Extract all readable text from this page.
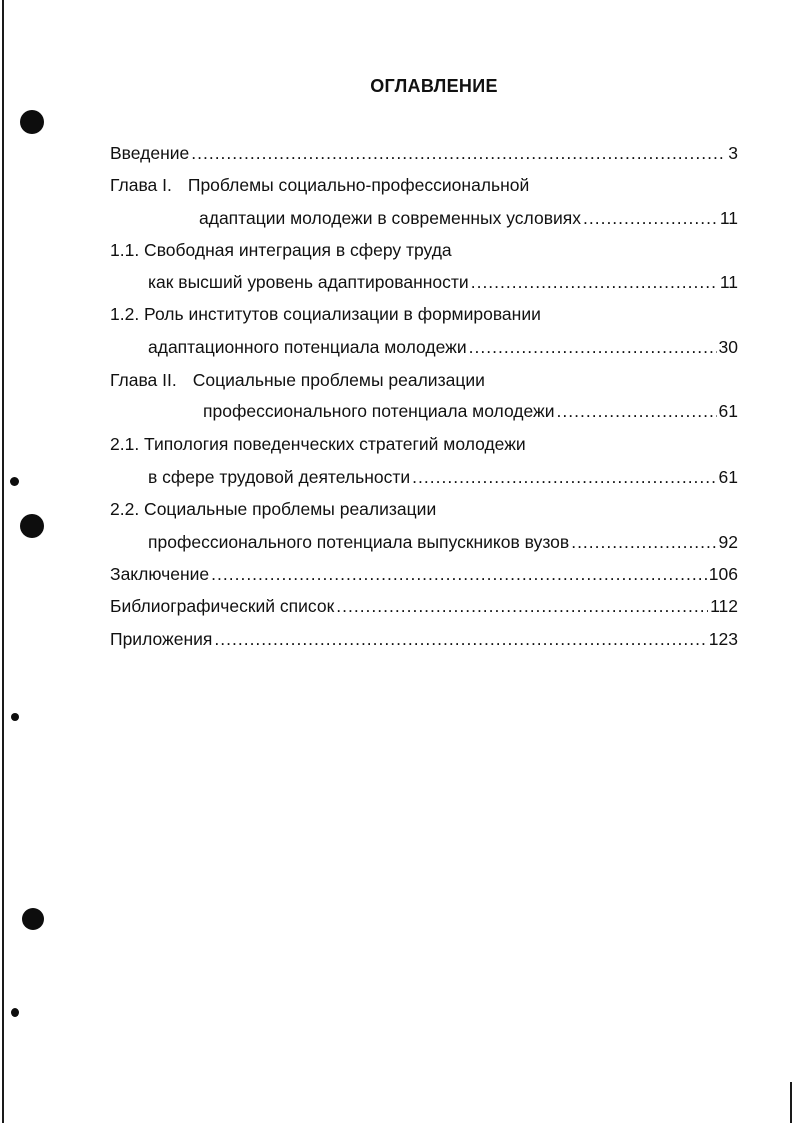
ОГЛАВЛЕНИЕ
Введение .....	3
Глава I. Проблемы социально-профессиональной
адаптации молодежи в современных условиях .....	11
1.1. Свободная интеграция в сферу труда
как высший уровень адаптированности .....	11
1.2. Роль институтов социализации в формировании
адаптационного потенциала молодежи .....	30
Глава II. Социальные проблемы реализации
профессионального потенциала молодежи .....	61
2.1. Типология поведенческих стратегий молодежи
в сфере трудовой деятельности .....	61
2.2. Социальные проблемы реализации
профессионального потенциала выпускников вузов .....	92
Заключение .....	106
Библиографический список .....	112
Приложения .....	123
